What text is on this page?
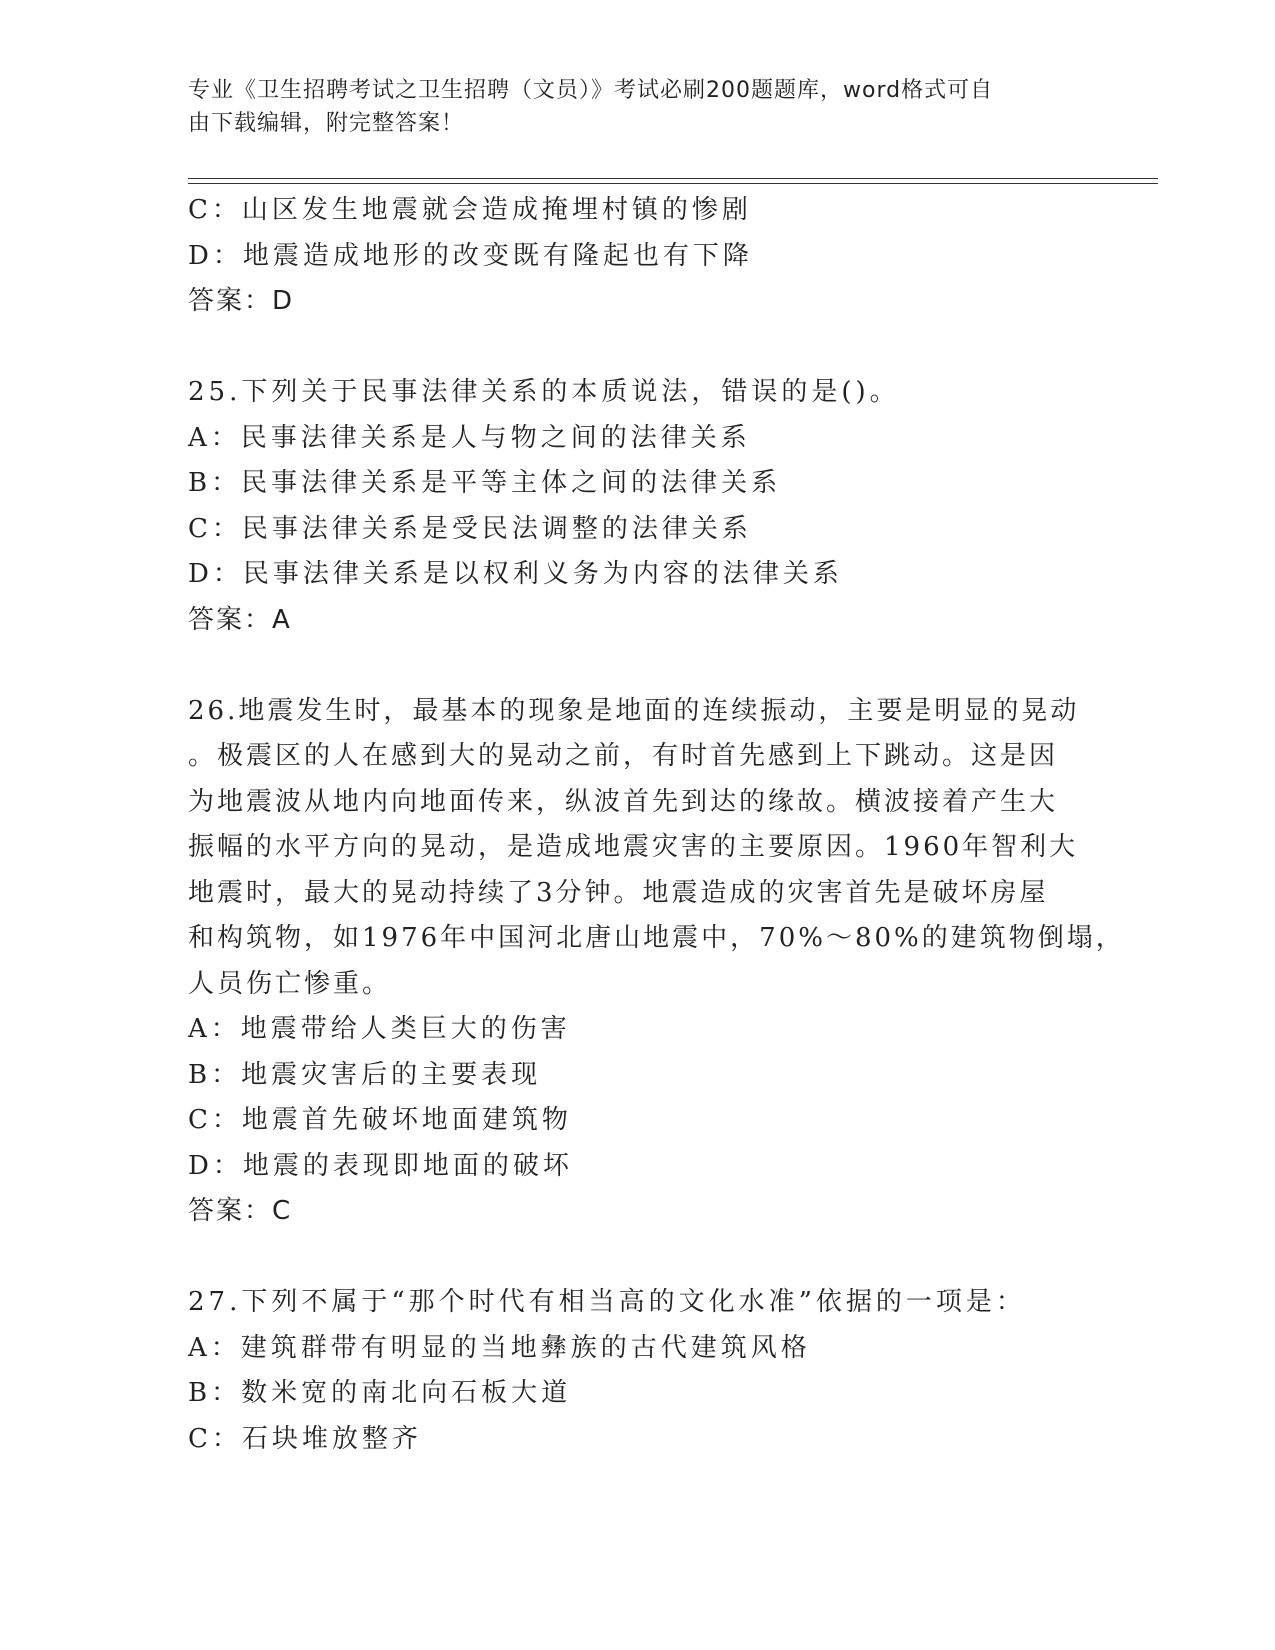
专业《卫生招聘考试之卫生招聘（文员）》考试必刷200题题库，word格式可自
由下载编辑，附完整答案！
C：山区发生地震就会造成掩埋村镇的惨剧
D：地震造成地形的改变既有隆起也有下降
答案：D
25.下列关于民事法律关系的本质说法，错误的是()。
A：民事法律关系是人与物之间的法律关系
B：民事法律关系是平等主体之间的法律关系
C：民事法律关系是受民法调整的法律关系
D：民事法律关系是以权利义务为内容的法律关系
答案：A
26.地震发生时，最基本的现象是地面的连续振动，主要是明显的晃动
。极震区的人在感到大的晃动之前，有时首先感到上下跳动。这是因
为地震波从地内向地面传来，纵波首先到达的缘故。横波接着产生大
振幅的水平方向的晃动，是造成地震灾害的主要原因。1960年智利大
地震时，最大的晃动持续了3分钟。地震造成的灾害首先是破坏房屋
和构筑物，如1976年中国河北唐山地震中，70%～80%的建筑物倒塌，
人员伤亡惨重。
A：地震带给人类巨大的伤害
B：地震灾害后的主要表现
C：地震首先破坏地面建筑物
D：地震的表现即地面的破坏
答案：C
27.下列不属于“那个时代有相当高的文化水准”依据的一项是：
A：建筑群带有明显的当地彝族的古代建筑风格
B：数米宽的南北向石板大道
C：石块堆放整齐
